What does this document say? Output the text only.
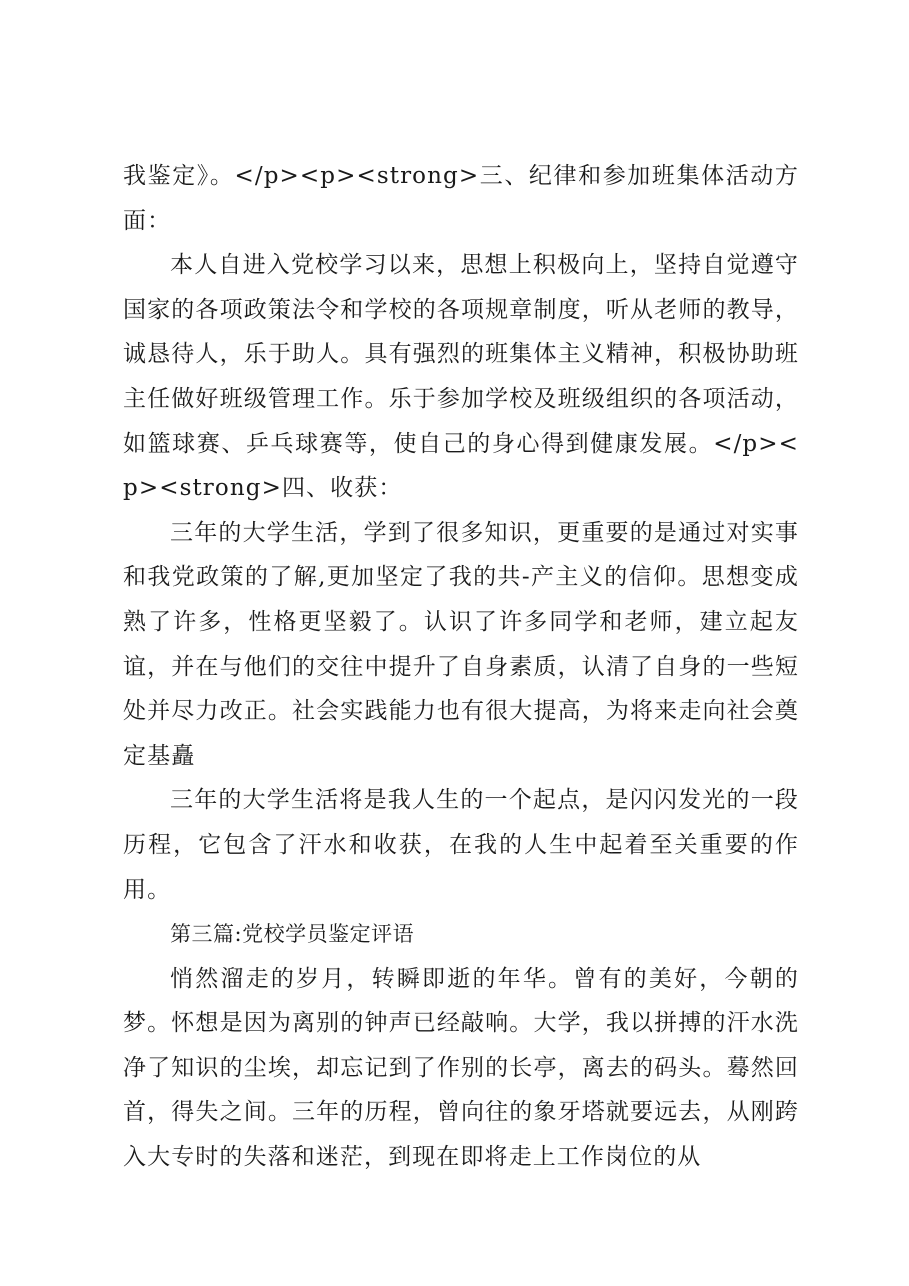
我鉴定》。</p><p><strong>三、纪律和参加班集体活动方面：

本人自进入党校学习以来，思想上积极向上，坚持自觉遵守国家的各项政策法令和学校的各项规章制度，听从老师的教导，诚恳待人，乐于助人。具有强烈的班集体主义精神，积极协助班主任做好班级管理工作。乐于参加学校及班级组织的各项活动，如篮球赛、乒乓球赛等，使自己的身心得到健康发展。</p><p><strong>四、收获：

三年的大学生活，学到了很多知识，更重要的是通过对实事和我党政策的了解,更加坚定了我的共-产主义的信仰。思想变成熟了许多，性格更坚毅了。认识了许多同学和老师，建立起友谊，并在与他们的交往中提升了自身素质，认清了自身的一些短处并尽力改正。社会实践能力也有很大提高，为将来走向社会奠定基矗

三年的大学生活将是我人生的一个起点，是闪闪发光的一段历程，它包含了汗水和收获，在我的人生中起着至关重要的作用。

第三篇:党校学员鉴定评语

悄然溜走的岁月，转瞬即逝的年华。曾有的美好，今朝的梦。怀想是因为离别的钟声已经敲响。大学，我以拼搏的汗水洗净了知识的尘埃，却忘记到了作别的长亭，离去的码头。蓦然回首，得失之间。三年的历程，曾向往的象牙塔就要远去，从刚跨入大专时的失落和迷茫，到现在即将走上工作岗位的从
